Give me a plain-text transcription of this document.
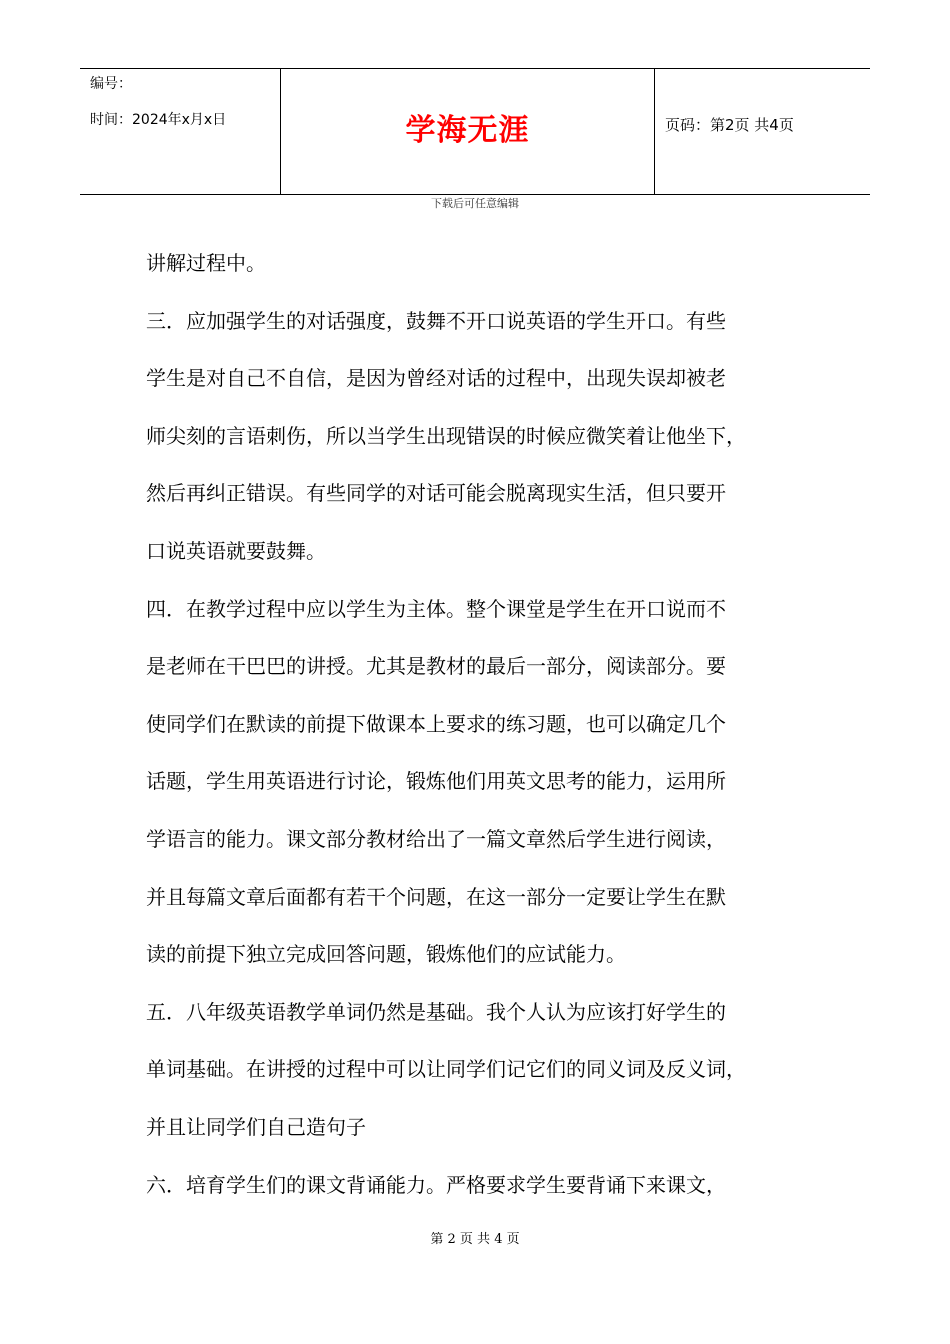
编号：
时间：2024年x月x日	学海无涯	页码：第2页 共4页
下载后可任意编辑
讲解过程中。
三．应加强学生的对话强度，鼓舞不开口说英语的学生开口。有些
学生是对自己不自信，是因为曾经对话的过程中，出现失误却被老
师尖刻的言语刺伤，所以当学生出现错误的时候应微笑着让他坐下，
然后再纠正错误。有些同学的对话可能会脱离现实生活，但只要开
口说英语就要鼓舞。
四．在教学过程中应以学生为主体。整个课堂是学生在开口说而不
是老师在干巴巴的讲授。尤其是教材的最后一部分，阅读部分。要
使同学们在默读的前提下做课本上要求的练习题，也可以确定几个
话题，学生用英语进行讨论，锻炼他们用英文思考的能力，运用所
学语言的能力。课文部分教材给出了一篇文章然后学生进行阅读，
并且每篇文章后面都有若干个问题，在这一部分一定要让学生在默
读的前提下独立完成回答问题，锻炼他们的应试能力。
五．八年级英语教学单词仍然是基础。我个人认为应该打好学生的
单词基础。在讲授的过程中可以让同学们记它们的同义词及反义词，
并且让同学们自己造句子
六．培育学生们的课文背诵能力。严格要求学生要背诵下来课文，
第 2 页 共 4 页
